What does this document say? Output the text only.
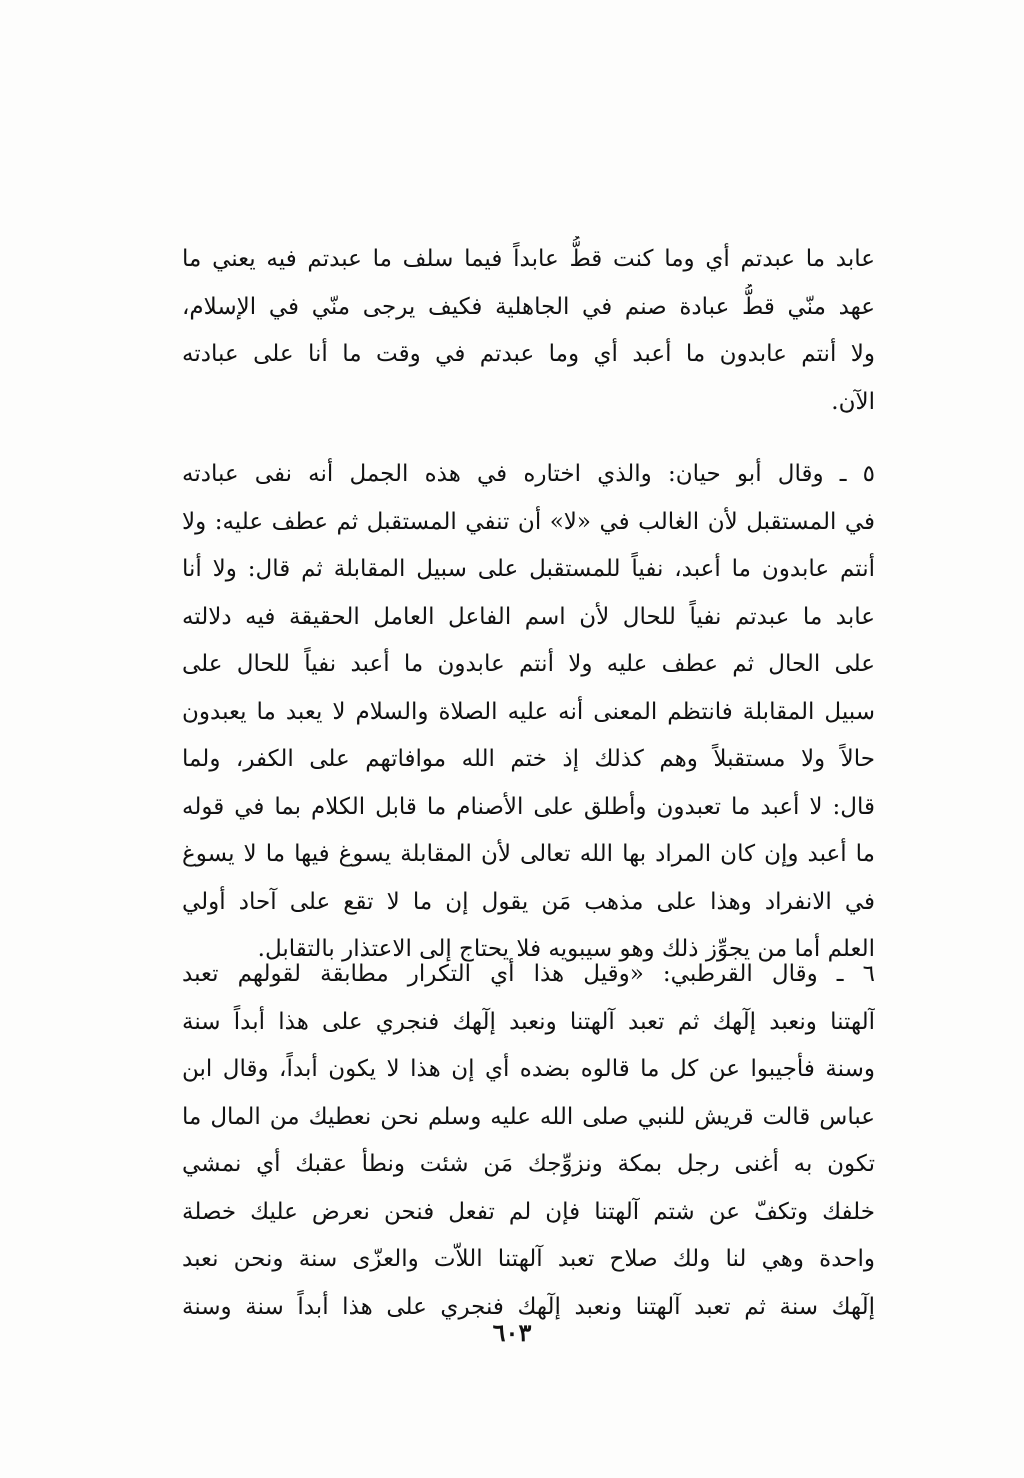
عابد ما عبدتم أي وما كنت قطُّ عابداً فيما سلف ما عبدتم فيه يعني ما
عهد منّي قطُّ عبادة صنم في الجاهلية فكيف يرجى منّي في الإسلام،
ولا أنتم عابدون ما أعبد أي وما عبدتم في وقت ما أنا على عبادته
الآن.
٥ ـ وقال أبو حيان: والذي اختاره في هذه الجمل أنه نفى عبادته
في المستقبل لأن الغالب في «لا» أن تنفي المستقبل ثم عطف عليه: ولا
أنتم عابدون ما أعبد، نفياً للمستقبل على سبيل المقابلة ثم قال: ولا أنا
عابد ما عبدتم نفياً للحال لأن اسم الفاعل العامل الحقيقة فيه دلالته
على الحال ثم عطف عليه ولا أنتم عابدون ما أعبد نفياً للحال على
سبيل المقابلة فانتظم المعنى أنه عليه الصلاة والسلام لا يعبد ما يعبدون
حالاً ولا مستقبلاً وهم كذلك إذ ختم الله موافاتهم على الكفر، ولما
قال: لا أعبد ما تعبدون وأطلق على الأصنام ما قابل الكلام بما في قوله
ما أعبد وإن كان المراد بها الله تعالى لأن المقابلة يسوغ فيها ما لا يسوغ
في الانفراد وهذا على مذهب مَن يقول إن ما لا تقع على آحاد أولي
العلم أما من يجوِّز ذلك وهو سيبويه فلا يحتاج إلى الاعتذار بالتقابل.
٦ ـ وقال القرطبي: «وقيل هذا أي التكرار مطابقة لقولهم تعبد
آلهتنا ونعبد إلٓهك ثم تعبد آلهتنا ونعبد إلٓهك فنجري على هذا أبداً سنة
وسنة فأجيبوا عن كل ما قالوه بضده أي إن هذا لا يكون أبداً، وقال ابن
عباس قالت قريش للنبي صلى الله عليه وسلم نحن نعطيك من المال ما
تكون به أغنى رجل بمكة ونزوِّجك مَن شئت ونطأ عقبك أي نمشي
خلفك وتكفّ عن شتم آلهتنا فإن لم تفعل فنحن نعرض عليك خصلة
واحدة وهي لنا ولك صلاح تعبد آلهتنا اللاّت والعزّى سنة ونحن نعبد
إلٓهك سنة ثم تعبد آلهتنا ونعبد إلٓهك فنجري على هذا أبداً سنة وسنة
٦٠٣
